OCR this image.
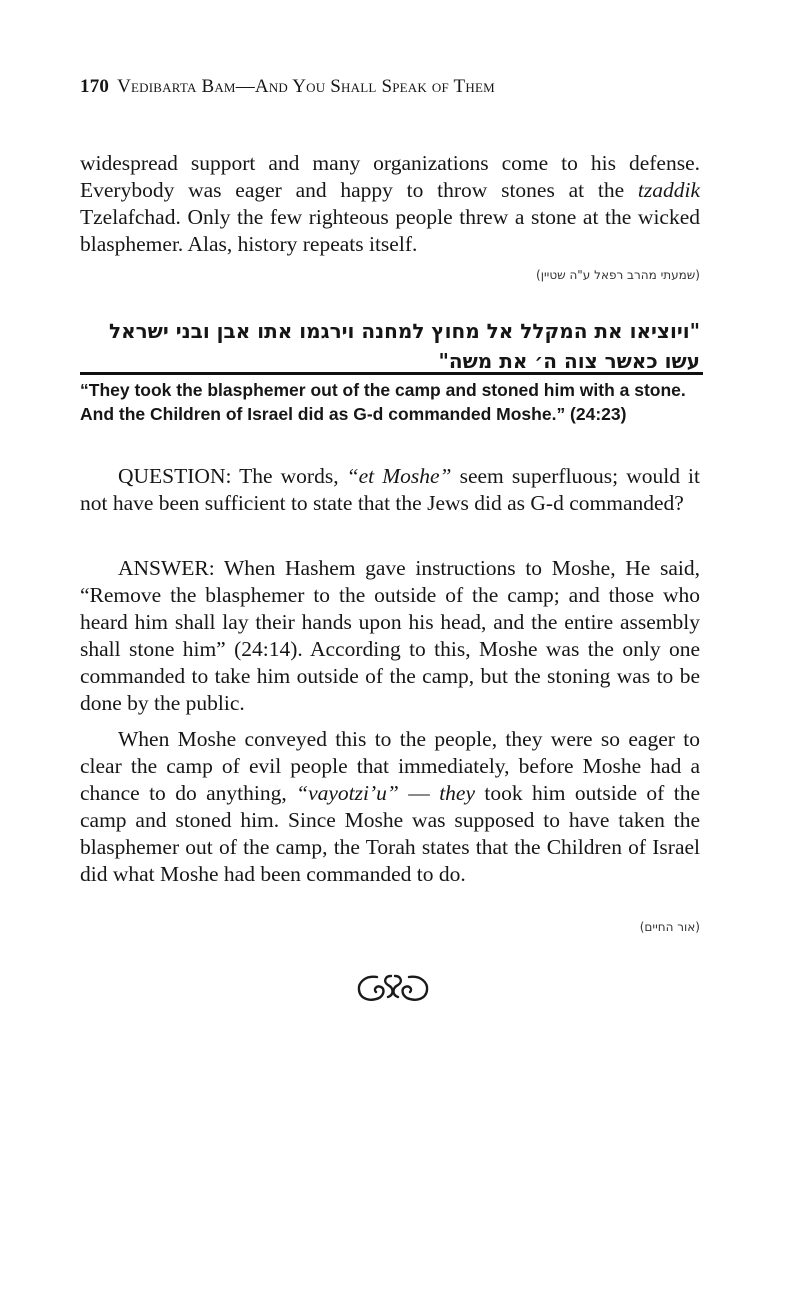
170 Vedibarta Bam—And You Shall Speak of Them

widespread support and many organizations come to his defense. Everybody was eager and happy to throw stones at the tzaddik Tzelafchad. Only the few righteous people threw a stone at the wicked blasphemer. Alas, history repeats itself.

(שמעתי מהרב רפאל ע"ה שטיין)
"ויוציאו את המקלל אל מחוץ למחנה וירגמו אתו אבן ובני ישראל עשו כאשר צוה ה׳ את משה"
“They took the blasphemer out of the camp and stoned him with a stone. And the Children of Israel did as G-d commanded Moshe.” (24:23)

QUESTION: The words, “et Moshe” seem superfluous; would it not have been sufficient to state that the Jews did as G-d commanded?

ANSWER: When Hashem gave instructions to Moshe, He said, “Remove the blasphemer to the outside of the camp; and those who heard him shall lay their hands upon his head, and the entire assembly shall stone him” (24:14). According to this, Moshe was the only one commanded to take him outside of the camp, but the stoning was to be done by the public.

When Moshe conveyed this to the people, they were so eager to clear the camp of evil people that immediately, before Moshe had a chance to do anything, “vayotzi’u” — they took him outside of the camp and stoned him. Since Moshe was supposed to have taken the blasphemer out of the camp, the Torah states that the Children of Israel did what Moshe had been commanded to do.

(אור החיים)
